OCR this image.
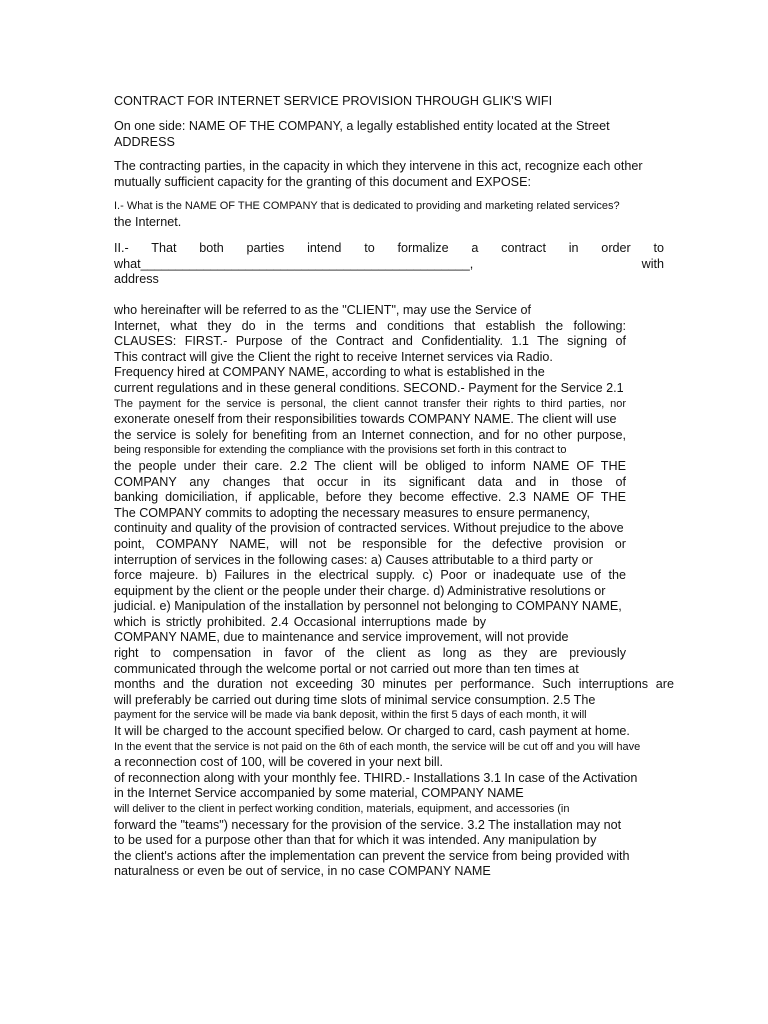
CONTRACT FOR INTERNET SERVICE PROVISION THROUGH GLIK'S WIFI
On one side: NAME OF THE COMPANY, a legally established entity located at the Street
ADDRESS
The contracting parties, in the capacity in which they intervene in this act, recognize each other
mutually sufficient capacity for the granting of this document and EXPOSE:
I.- What is the NAME OF THE COMPANY that is dedicated to providing and marketing related services?
the Internet.
II.- That both parties intend to formalize a contract in order to
what_______________________________________________,	with
address
who hereinafter will be referred to as the "CLIENT", may use the Service of
Internet, what they do in the terms and conditions that establish the following:
CLAUSES: FIRST.- Purpose of the Contract and Confidentiality. 1.1 The signing of
This contract will give the Client the right to receive Internet services via Radio.
Frequency hired at COMPANY NAME, according to what is established in the
current regulations and in these general conditions. SECOND.- Payment for the Service 2.1
The payment for the service is personal, the client cannot transfer their rights to third parties, nor
exonerate oneself from their responsibilities towards COMPANY NAME. The client will use
the service is solely for benefiting from an Internet connection, and for no other purpose,
being responsible for extending the compliance with the provisions set forth in this contract to
the people under their care. 2.2 The client will be obliged to inform NAME OF THE
COMPANY any changes that occur in its significant data and in those of
banking domiciliation, if applicable, before they become effective. 2.3 NAME OF THE
The COMPANY commits to adopting the necessary measures to ensure permanency,
continuity and quality of the provision of contracted services. Without prejudice to the above
point, COMPANY NAME, will not be responsible for the defective provision or
interruption of services in the following cases: a) Causes attributable to a third party or
force majeure. b) Failures in the electrical supply. c) Poor or inadequate use of the
equipment by the client or the people under their charge. d) Administrative resolutions or
judicial. e) Manipulation of the installation by personnel not belonging to COMPANY NAME,
which is strictly prohibited. 2.4 Occasional interruptions made by
COMPANY NAME, due to maintenance and service improvement, will not provide
right to compensation in favor of the client as long as they are previously
communicated through the welcome portal or not carried out more than ten times at
months and the duration not exceeding 30 minutes per performance. Such interruptions are
will preferably be carried out during time slots of minimal service consumption. 2.5 The
payment for the service will be made via bank deposit, within the first 5 days of each month, it will
It will be charged to the account specified below. Or charged to card, cash payment at home.
In the event that the service is not paid on the 6th of each month, the service will be cut off and you will have
a reconnection cost of 100, will be covered in your next bill.
of reconnection along with your monthly fee. THIRD.- Installations 3.1 In case of the Activation
in the Internet Service accompanied by some material, COMPANY NAME
will deliver to the client in perfect working condition, materials, equipment, and accessories (in
forward the "teams") necessary for the provision of the service. 3.2 The installation may not
to be used for a purpose other than that for which it was intended. Any manipulation by
the client's actions after the implementation can prevent the service from being provided with
naturalness or even be out of service, in no case COMPANY NAME
